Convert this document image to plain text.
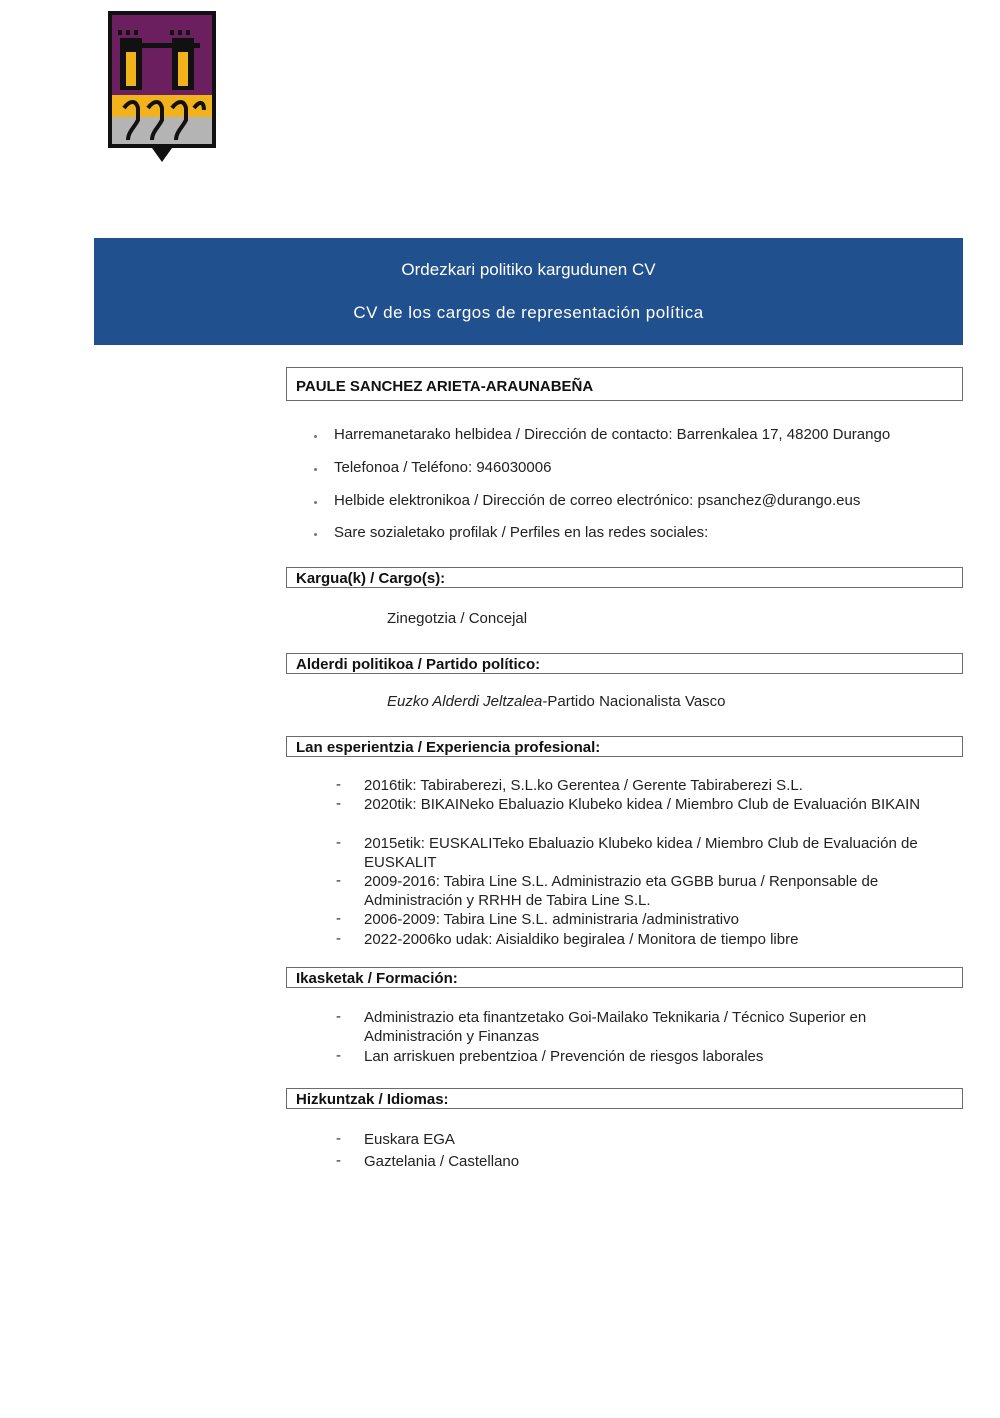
Ordezkari politiko kargudunen CV
CV de los cargos de representación política
PAULE SANCHEZ ARIETA-ARAUNABEÑA
Harremanetarako helbidea / Dirección de contacto: Barrenkalea 17, 48200 Durango
Telefonoa / Teléfono: 946030006
Helbide elektronikoa / Dirección de correo electrónico: psanchez@durango.eus
Sare sozialetako profilak / Perfiles en las redes sociales:
Kargua(k) / Cargo(s):
Zinegotzia / Concejal
Alderdi politikoa / Partido político:
Euzko Alderdi Jeltzalea-Partido Nacionalista Vasco
Lan esperientzia / Experiencia profesional:
- 2016tik: Tabiraberezi, S.L.ko Gerentea / Gerente Tabiraberezi S.L.
- 2020tik: BIKAINeko Ebaluazio Klubeko kidea / Miembro Club de Evaluación BIKAIN
- 2015etik: EUSKALITeko Ebaluazio Klubeko kidea / Miembro Club de Evaluación de EUSKALIT
- 2009-2016: Tabira Line S.L. Administrazio eta GGBB burua / Renponsable de Administración y RRHH de Tabira Line S.L.
- 2006-2009: Tabira Line S.L. administraria /administrativo
- 2022-2006ko udak: Aisialdiko begiralea / Monitora de tiempo libre
Ikasketak / Formación:
- Administrazio eta finantzetako Goi-Mailako Teknikaria / Técnico Superior en Administración y Finanzas
- Lan arriskuen prebentzioa / Prevención de riesgos laborales
Hizkuntzak / Idiomas:
- Euskara EGA
- Gaztelania / Castellano
